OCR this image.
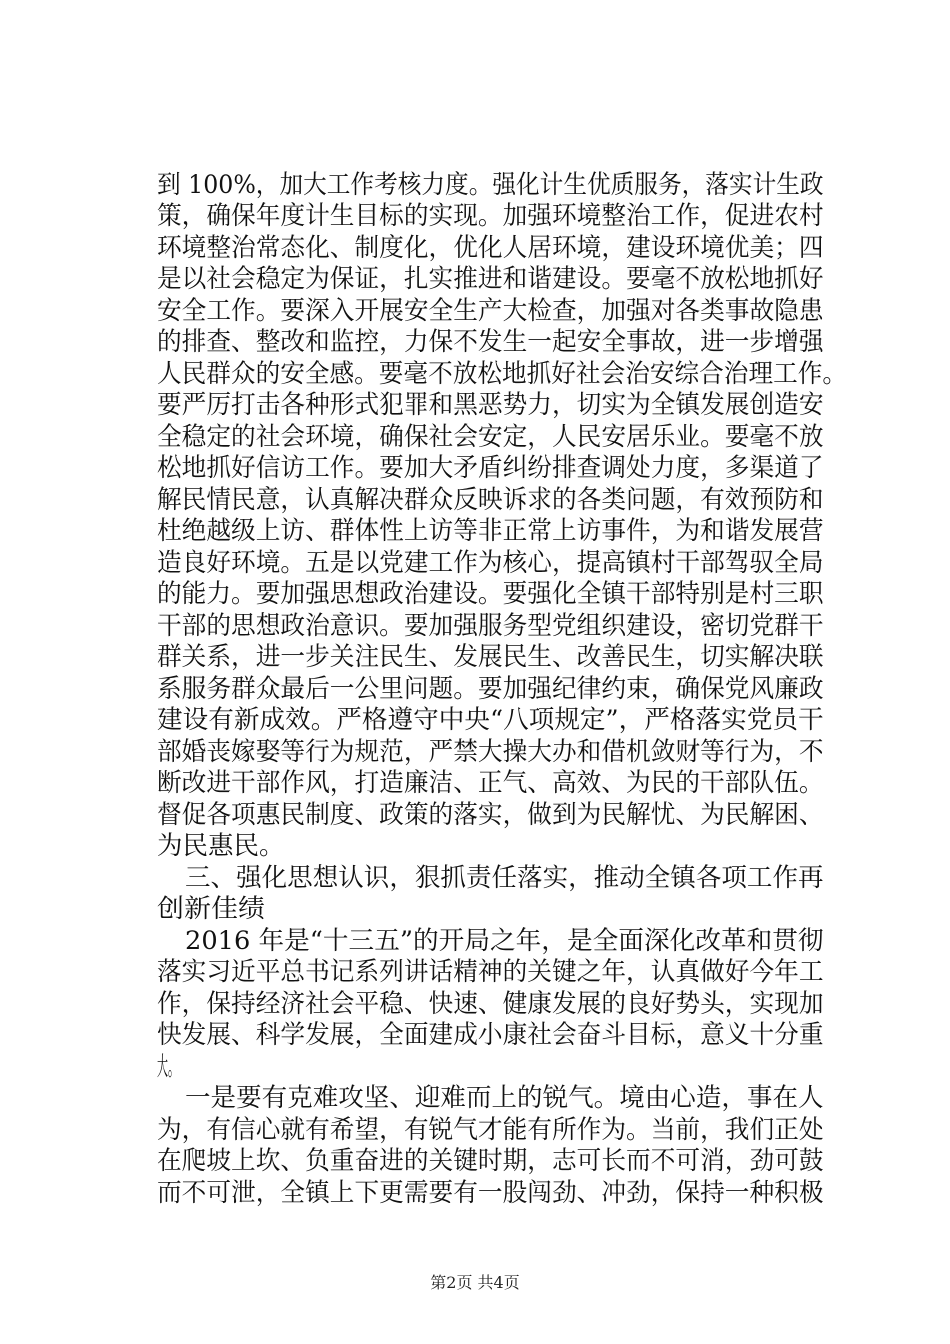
到 100%，加大工作考核力度。强化计生优质服务，落实计生政
策，确保年度计生目标的实现。加强环境整治工作，促进农村
环境整治常态化、制度化，优化人居环境，建设环境优美；四
是以社会稳定为保证，扎实推进和谐建设。要毫不放松地抓好
安全工作。要深入开展安全生产大检查，加强对各类事故隐患
的排查、整改和监控，力保不发生一起安全事故，进一步增强
人民群众的安全感。要毫不放松地抓好社会治安综合治理工作。
要严厉打击各种形式犯罪和黑恶势力，切实为全镇发展创造安
全稳定的社会环境，确保社会安定，人民安居乐业。要毫不放
松地抓好信访工作。要加大矛盾纠纷排查调处力度，多渠道了
解民情民意，认真解决群众反映诉求的各类问题，有效预防和
杜绝越级上访、群体性上访等非正常上访事件，为和谐发展营
造良好环境。五是以党建工作为核心，提高镇村干部驾驭全局
的能力。要加强思想政治建设。要强化全镇干部特别是村三职
干部的思想政治意识。要加强服务型党组织建设，密切党群干
群关系，进一步关注民生、发展民生、改善民生，切实解决联
系服务群众最后一公里问题。要加强纪律约束，确保党风廉政
建设有新成效。严格遵守中央“八项规定”，严格落实党员干
部婚丧嫁娶等行为规范，严禁大操大办和借机敛财等行为，不
断改进干部作风，打造廉洁、正气、高效、为民的干部队伍。
督促各项惠民制度、政策的落实，做到为民解忧、为民解困、
为民惠民。
三、强化思想认识，狠抓责任落实，推动全镇各项工作再
创新佳绩
2016 年是“十三五”的开局之年，是全面深化改革和贯彻
落实习近平总书记系列讲话精神的关键之年，认真做好今年工
作，保持经济社会平稳、快速、健康发展的良好势头，实现加
快发展、科学发展，全面建成小康社会奋斗目标，意义十分重
大。
一是要有克难攻坚、迎难而上的锐气。境由心造，事在人
为，有信心就有希望，有锐气才能有所作为。当前，我们正处
在爬坡上坎、负重奋进的关键时期，志可长而不可消，劲可鼓
而不可泄，全镇上下更需要有一股闯劲、冲劲，保持一种积极
第2页 共4页
